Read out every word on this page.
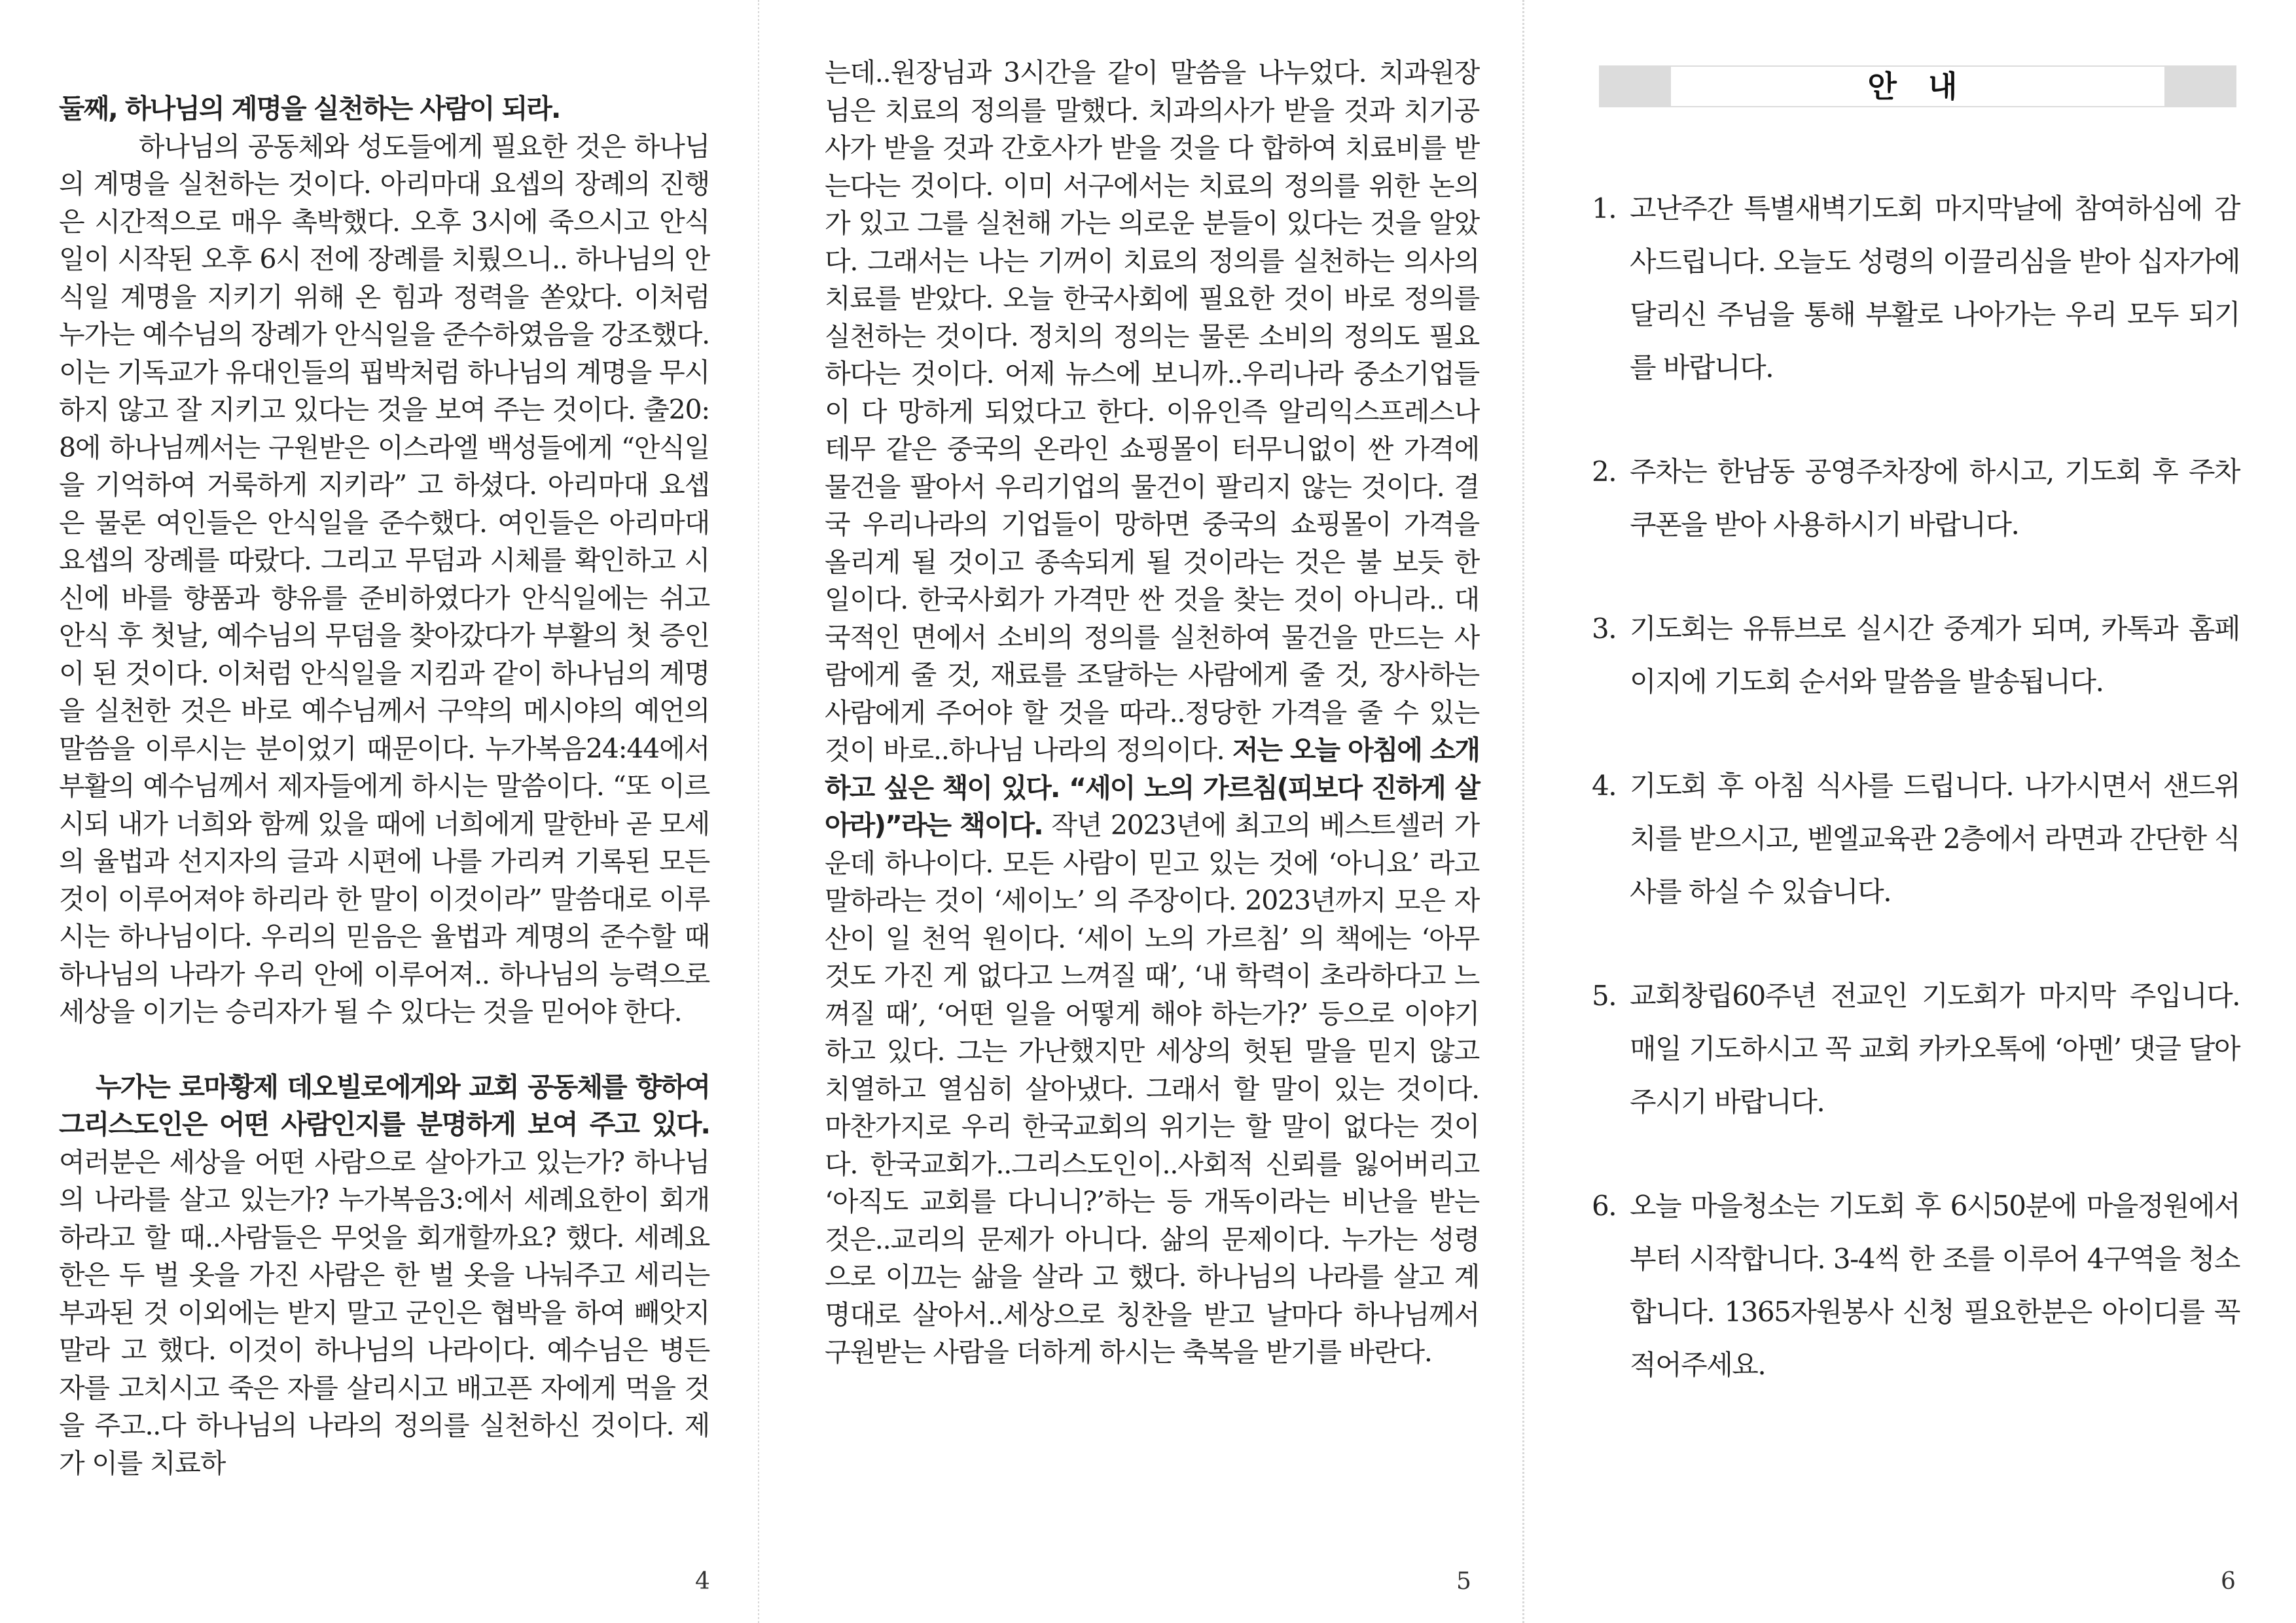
둘째, 하나님의 계명을 실천하는 사람이 되라.

하나님의 공동체와 성도들에게 필요한 것은 하나님의 계명을 실천하는 것이다. 아리마대 요셉의 장례의 진행은 시간적으로 매우 촉박했다. 오후 3시에 죽으시고 안식일이 시작된 오후 6시 전에 장례를 치뤘으니.. 하나님의 안식일 계명을 지키기 위해 온 힘과 정력을 쏟았다. 이처럼 누가는 예수님의 장례가 안식일을 준수하였음을 강조했다. 이는 기독교가 유대인들의 핍박처럼 하나님의 계명을 무시하지 않고 잘 지키고 있다는 것을 보여 주는 것이다. 출20:8에 하나님께서는 구원받은 이스라엘 백성들에게 “안식일을 기억하여 거룩하게 지키라” 고 하셨다. 아리마대 요셉은 물론 여인들은 안식일을 준수했다. 여인들은 아리마대 요셉의 장례를 따랐다. 그리고 무덤과 시체를 확인하고 시신에 바를 향품과 향유를 준비하였다가 안식일에는 쉬고 안식 후 첫날, 예수님의 무덤을 찾아갔다가 부활의 첫 증인이 된 것이다. 이처럼 안식일을 지킴과 같이 하나님의 계명을 실천한 것은 바로 예수님께서 구약의 메시야의 예언의 말씀을 이루시는 분이었기 때문이다. 누가복음24:44에서 부활의 예수님께서 제자들에게 하시는 말씀이다. “또 이르시되 내가 너희와 함께 있을 때에 너희에게 말한바 곧 모세의 율법과 선지자의 글과 시편에 나를 가리켜 기록된 모든 것이 이루어져야 하리라 한 말이 이것이라” 말씀대로 이루시는 하나님이다. 우리의 믿음은 율법과 계명의 준수할 때 하나님의 나라가 우리 안에 이루어져.. 하나님의 능력으로 세상을 이기는 승리자가 될 수 있다는 것을 믿어야 한다.

누가는 로마황제 데오빌로에게와 교회 공동체를 향하여 그리스도인은 어떤 사람인지를 분명하게 보여 주고 있다. 여러분은 세상을 어떤 사람으로 살아가고 있는가? 하나님의 나라를 살고 있는가? 누가복음3:에서 세례요한이 회개하라고 할 때..사람들은 무엇을 회개할까요? 했다. 세례요한은 두 벌 옷을 가진 사람은 한 벌 옷을 나눠주고 세리는 부과된 것 이외에는 받지 말고 군인은 협박을 하여 빼앗지 말라 고 했다. 이것이 하나님의 나라이다. 예수님은 병든 자를 고치시고 죽은 자를 살리시고 배고픈 자에게 먹을 것을 주고..다 하나님의 나라의 정의를 실천하신 것이다. 제가 이를 치료하

4

는데..원장님과 3시간을 같이 말씀을 나누었다. 치과원장님은 치료의 정의를 말했다. 치과의사가 받을 것과 치기공사가 받을 것과 간호사가 받을 것을 다 합하여 치료비를 받는다는 것이다. 이미 서구에서는 치료의 정의를 위한 논의가 있고 그를 실천해 가는 의로운 분들이 있다는 것을 알았다. 그래서는 나는 기꺼이 치료의 정의를 실천하는 의사의 치료를 받았다. 오늘 한국사회에 필요한 것이 바로 정의를 실천하는 것이다. 정치의 정의는 물론 소비의 정의도 필요하다는 것이다. 어제 뉴스에 보니까..우리나라 중소기업들이 다 망하게 되었다고 한다. 이유인즉 알리익스프레스나 테무 같은 중국의 온라인 쇼핑몰이 터무니없이 싼 가격에 물건을 팔아서 우리기업의 물건이 팔리지 않는 것이다. 결국 우리나라의 기업들이 망하면 중국의 쇼핑몰이 가격을 올리게 될 것이고 종속되게 될 것이라는 것은 불 보듯 한 일이다. 한국사회가 가격만 싼 것을 찾는 것이 아니라.. 대국적인 면에서 소비의 정의를 실천하여 물건을 만드는 사람에게 줄 것, 재료를 조달하는 사람에게 줄 것, 장사하는 사람에게 주어야 할 것을 따라..정당한 가격을 줄 수 있는 것이 바로..하나님 나라의 정의이다. 저는 오늘 아침에 소개하고 싶은 책이 있다. “세이 노의 가르침(피보다 진하게 살아라)”라는 책이다. 작년 2023년에 최고의 베스트셀러 가운데 하나이다. 모든 사람이 믿고 있는 것에 ‘아니요’ 라고 말하라는 것이 ‘세이노’ 의 주장이다. 2023년까지 모은 자산이 일 천억 원이다. ‘세이 노의 가르침’ 의 책에는 ‘아무 것도 가진 게 없다고 느껴질 때’, ‘내 학력이 초라하다고 느껴질 때’, ‘어떤 일을 어떻게 해야 하는가?’ 등으로 이야기 하고 있다. 그는 가난했지만 세상의 헛된 말을 믿지 않고 치열하고 열심히 살아냈다. 그래서 할 말이 있는 것이다. 마찬가지로 우리 한국교회의 위기는 할 말이 없다는 것이다. 한국교회가..그리스도인이..사회적 신뢰를 잃어버리고 ‘아직도 교회를 다니니?’하는 등 개독이라는 비난을 받는 것은..교리의 문제가 아니다. 삶의 문제이다. 누가는 성령으로 이끄는 삶을 살라 고 했다. 하나님의 나라를 살고 계명대로 살아서..세상으로 칭찬을 받고 날마다 하나님께서 구원받는 사람을 더하게 하시는 축복을 받기를 바란다.

5
안 내
1. 고난주간 특별새벽기도회 마지막날에 참여하심에 감사드립니다. 오늘도 성령의 이끌리심을 받아 십자가에 달리신 주님을 통해 부활로 나아가는 우리 모두 되기를 바랍니다.
2. 주차는 한남동 공영주차장에 하시고, 기도회 후 주차쿠폰을 받아 사용하시기 바랍니다.
3. 기도회는 유튜브로 실시간 중계가 되며, 카톡과 홈페이지에 기도회 순서와 말씀을 발송됩니다.
4. 기도회 후 아침 식사를 드립니다. 나가시면서 샌드위치를 받으시고, 벧엘교육관 2층에서 라면과 간단한 식사를 하실 수 있습니다.
5. 교회창립60주년 전교인 기도회가 마지막 주입니다. 매일 기도하시고 꼭 교회 카카오톡에 ‘아멘’ 댓글 달아 주시기 바랍니다.
6. 오늘 마을청소는 기도회 후 6시50분에 마을정원에서부터 시작합니다. 3-4씩 한 조를 이루어 4구역을 청소합니다. 1365자원봉사 신청 필요한분은 아이디를 꼭 적어주세요.
6
